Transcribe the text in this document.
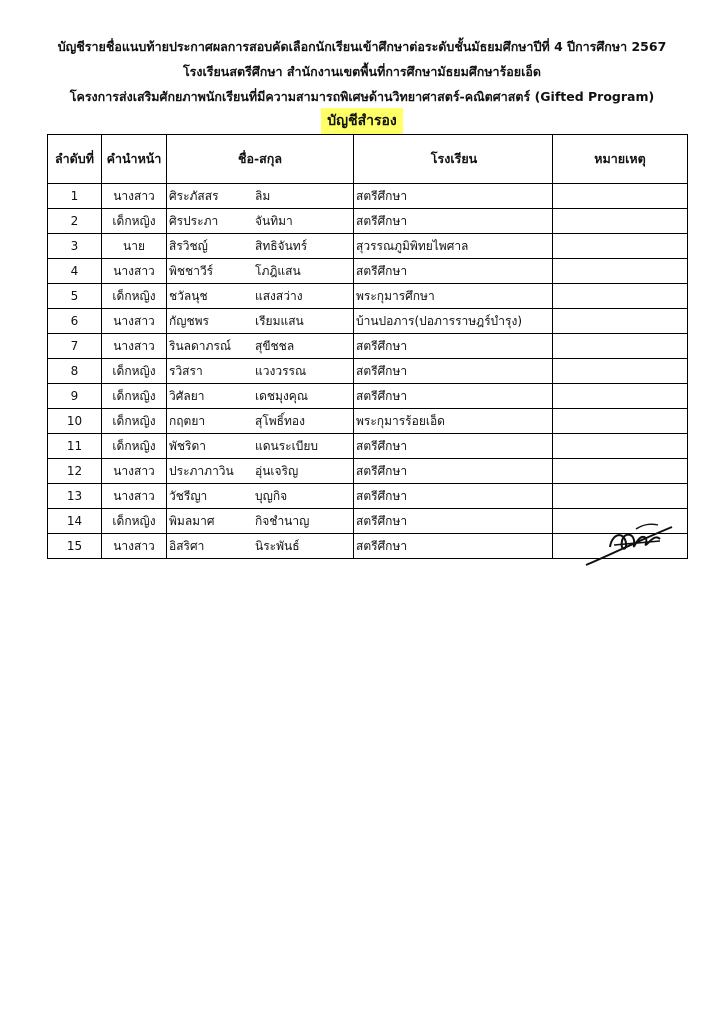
บัญชีรายชื่อแนบท้ายประกาศผลการสอบคัดเลือกนักเรียนเข้าศึกษาต่อระดับชั้นมัธยมศึกษาปีที่ 4 ปีการศึกษา 2567
โรงเรียนสตรีศึกษา สำนักงานเขตพื้นที่การศึกษามัธยมศึกษาร้อยเอ็ด
โครงการส่งเสริมศักยภาพนักเรียนที่มีความสามารถพิเศษด้านวิทยาศาสตร์-คณิตศาสตร์ (Gifted Program)
บัญชีสำรอง
ลำดับที่	คำนำหน้า	ชื่อ-สกุล	โรงเรียน	หมายเหตุ
1	นางสาว	ศิระภัสสร ลิม	สตรีศึกษา	
2	เด็กหญิง	ศิรประภา จันทิมา	สตรีศึกษา	
3	นาย	สิรวิชญ์ สิทธิจันทร์	สุวรรณภูมิพิทยไพศาล	
4	นางสาว	พิชชาวีร์ โภฎิแสน	สตรีศึกษา	
5	เด็กหญิง	ชวัลนุช แสงสว่าง	พระกุมารศึกษา	
6	นางสาว	กัญชพร เรียมแสน	บ้านปอภาร(ปอภารราษฎร์บำรุง)	
7	นางสาว	รินลดาภรณ์ สุขีชชล	สตรีศึกษา	
8	เด็กหญิง	รวิสรา แวงวรรณ	สตรีศึกษา	
9	เด็กหญิง	วิศัลยา เดชมุงคุณ	สตรีศึกษา	
10	เด็กหญิง	กฤตยา สุโพธิ์ทอง	พระกุมารร้อยเอ็ด	
11	เด็กหญิง	พัชริดา แดนระเบียบ	สตรีศึกษา	
12	นางสาว	ประภาภาวิน อุ่นเจริญ	สตรีศึกษา	
13	นางสาว	วัชรีญา บุญกิจ	สตรีศึกษา	
14	เด็กหญิง	พิมลมาศ กิจชำนาญ	สตรีศึกษา	
15	นางสาว	อิสริศา นิระพันธ์	สตรีศึกษา	
